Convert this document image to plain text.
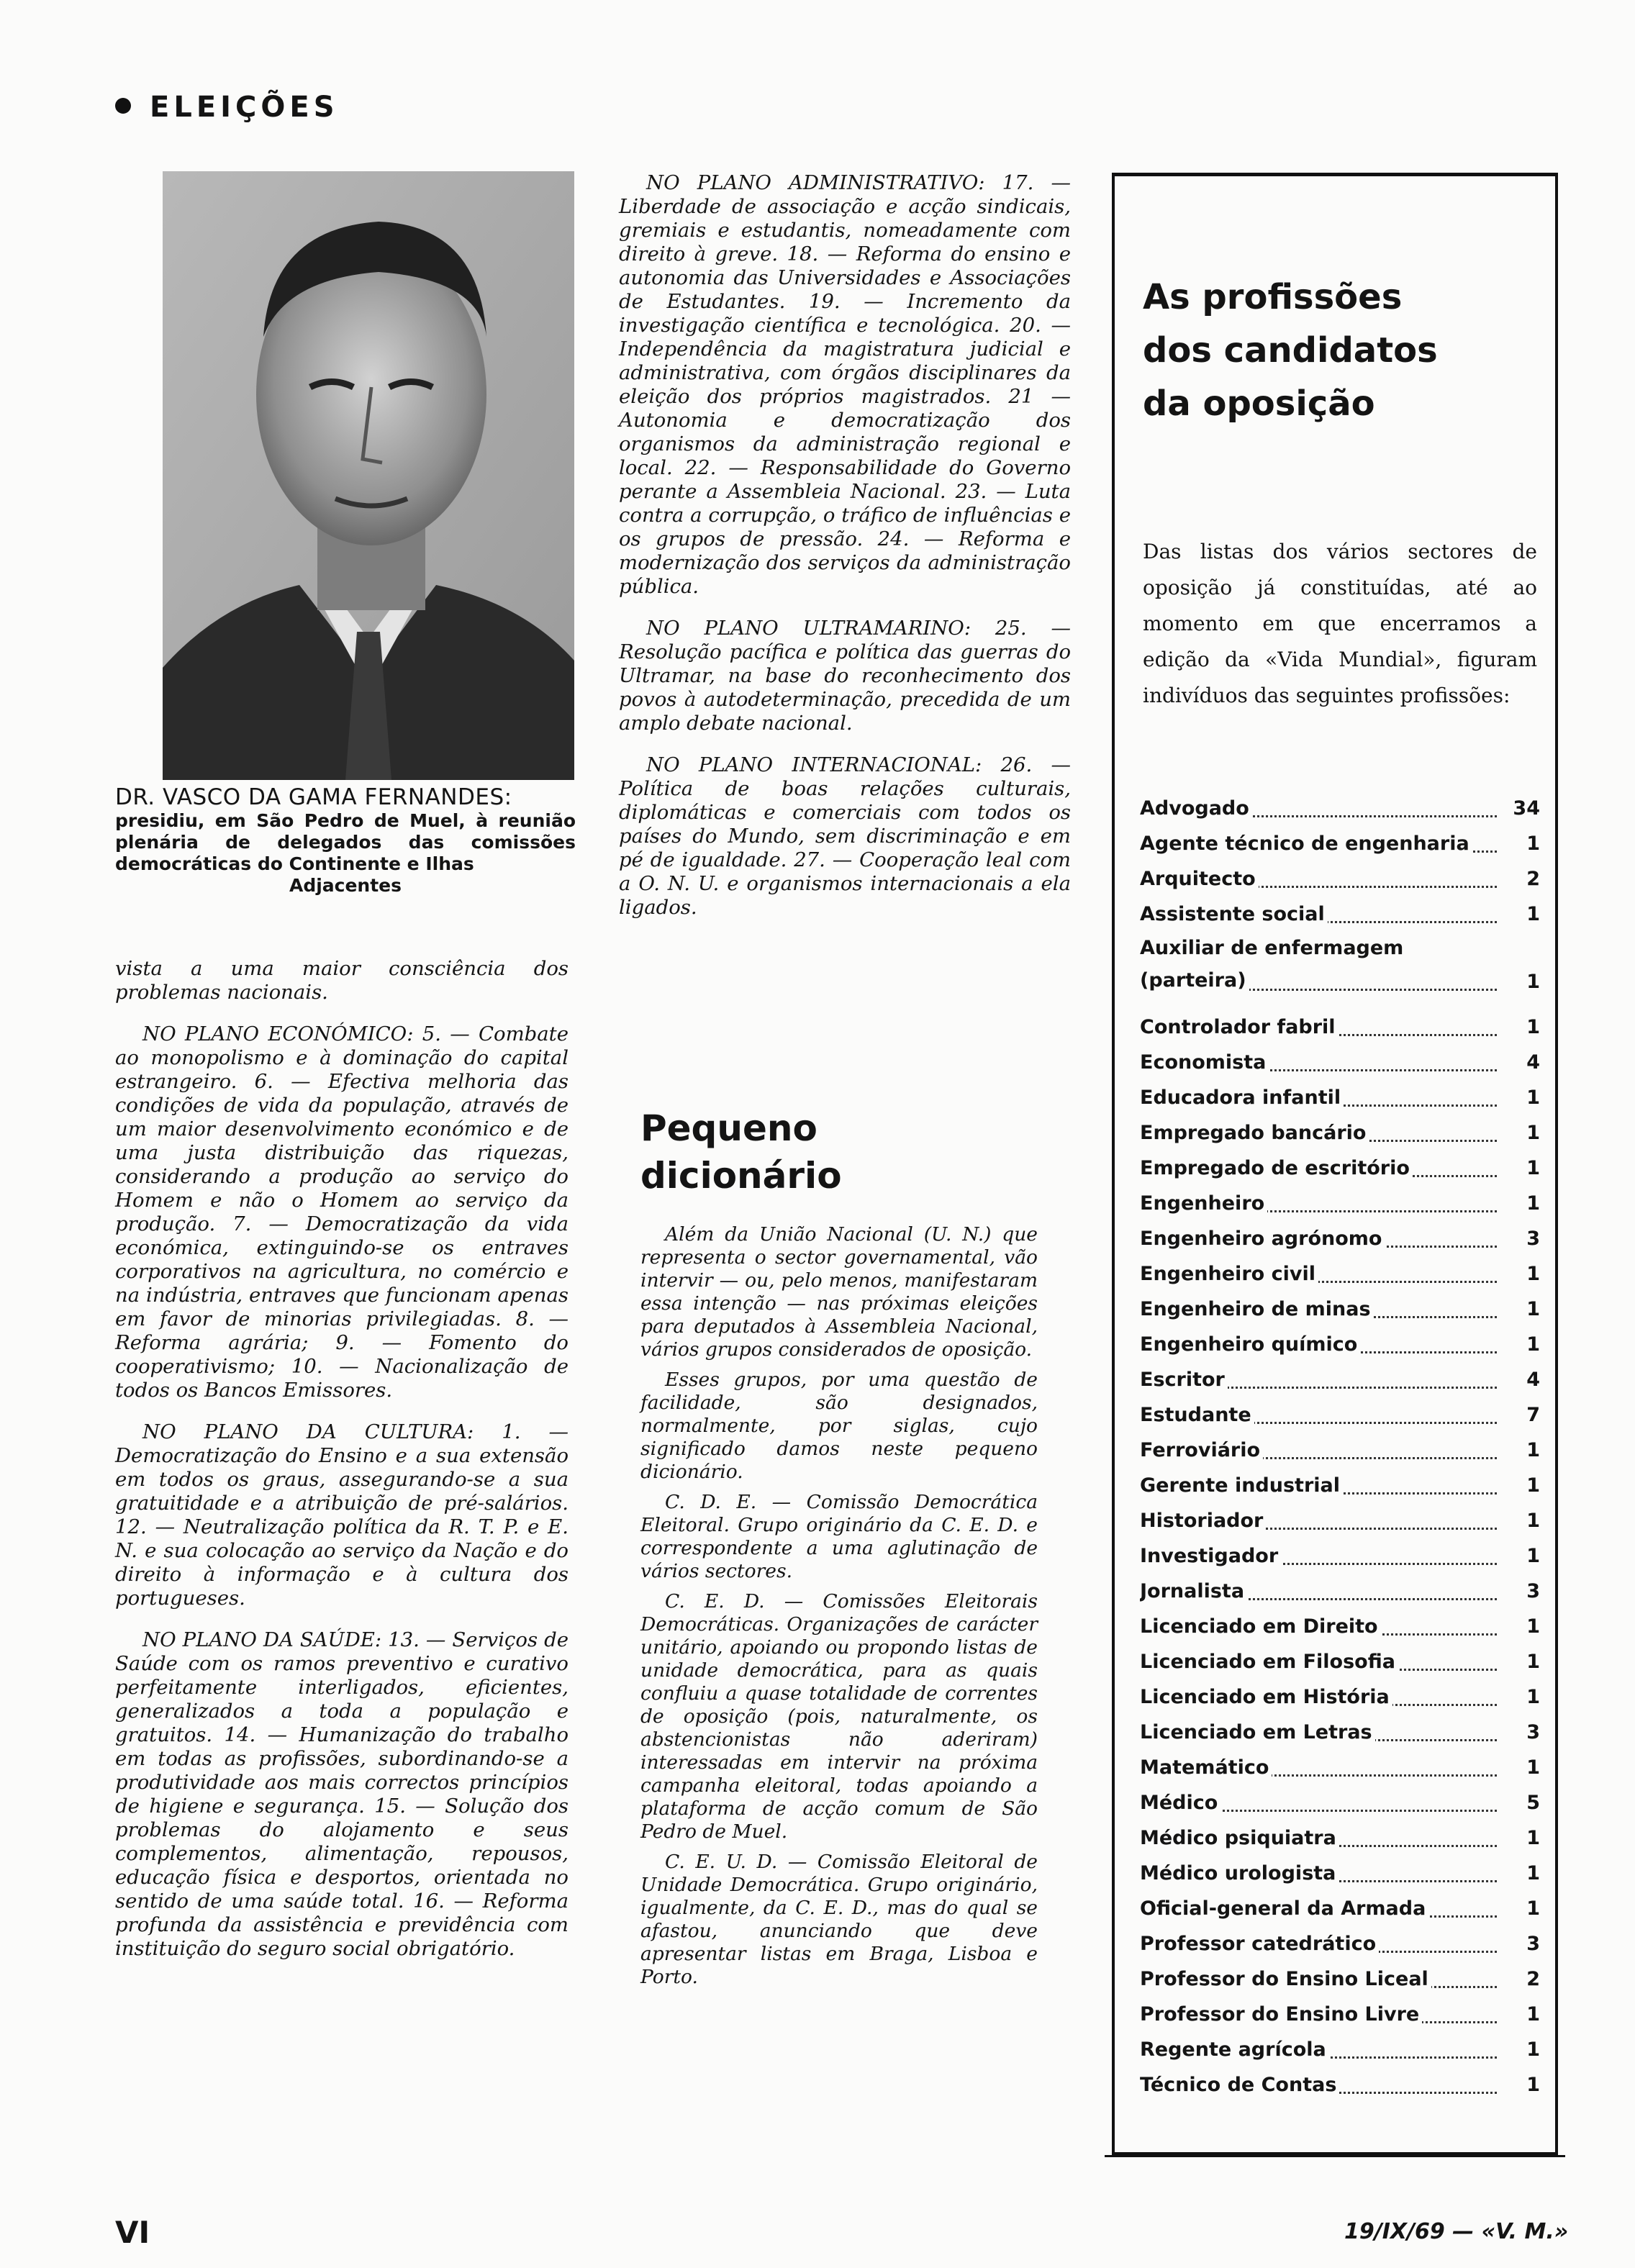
ELEIÇÕES
DR. VASCO DA GAMA FERNANDES:
presidiu, em São Pedro de Muel, à reunião plenária de delegados das comissões democráticas do Continente e Ilhas
Adjacentes

vista a uma maior consciência dos problemas nacionais.

NO PLANO ECONÓMICO: 5. — Combate ao monopolismo e à dominação do capital estrangeiro. 6. — Efectiva melhoria das condições de vida da população, através de um maior desenvolvimento económico e de uma justa distribuição das riquezas, considerando a produção ao serviço do Homem e não o Homem ao serviço da produção. 7. — Democratização da vida económica, extinguindo-se os entraves corporativos na agricultura, no comércio e na indústria, entraves que funcionam apenas em favor de minorias privilegiadas. 8. — Reforma agrária; 9. — Fomento do cooperativismo; 10. — Nacionalização de todos os Bancos Emissores.

NO PLANO DA CULTURA: 1. — Democratização do Ensino e a sua extensão em todos os graus, assegurando-se a sua gratuitidade e a atribuição de pré-salários. 12. — Neutralização política da R. T. P. e E. N. e sua colocação ao serviço da Nação e do direito à informação e à cultura dos portugueses.

NO PLANO DA SAÚDE: 13. — Serviços de Saúde com os ramos preventivo e curativo perfeitamente interligados, eficientes, generalizados a toda a população e gratuitos. 14. — Humanização do trabalho em todas as profissões, subordinando-se a produtividade aos mais correctos princípios de higiene e segurança. 15. — Solução dos problemas do alojamento e seus complementos, alimentação, repousos, educação física e desportos, orientada no sentido de uma saúde total. 16. — Reforma profunda da assistência e previdência com instituição do seguro social obrigatório.

NO PLANO ADMINISTRATIVO: 17. — Liberdade de associação e acção sindicais, gremiais e estudantis, nomeadamente com direito à greve. 18. — Reforma do ensino e autonomia das Universidades e Associações de Estudantes. 19. — Incremento da investigação científica e tecnológica. 20. — Independência da magistratura judicial e administrativa, com órgãos disciplinares da eleição dos próprios magistrados. 21 — Autonomia e democratização dos organismos da administração regional e local. 22. — Responsabilidade do Governo perante a Assembleia Nacional. 23. — Luta contra a corrupção, o tráfico de influências e os grupos de pressão. 24. — Reforma e modernização dos serviços da administração pública.

NO PLANO ULTRAMARINO: 25. — Resolução pacífica e política das guerras do Ultramar, na base do reconhecimento dos povos à autodeterminação, precedida de um amplo debate nacional.

NO PLANO INTERNACIONAL: 26. — Política de boas relações culturais, diplomáticas e comerciais com todos os países do Mundo, sem discriminação e em pé de igualdade. 27. — Cooperação leal com a O. N. U. e organismos internacionais a ela ligados.

Pequeno
dicionário

Além da União Nacional (U. N.) que representa o sector governamental, vão intervir — ou, pelo menos, manifestaram essa intenção — nas próximas eleições para deputados à Assembleia Nacional, vários grupos considerados de oposição.

Esses grupos, por uma questão de facilidade, são designados, normalmente, por siglas, cujo significado damos neste pequeno dicionário.

C. D. E. — Comissão Democrática Eleitoral. Grupo originário da C. E. D. e correspondente a uma aglutinação de vários sectores.

C. E. D. — Comissões Eleitorais Democráticas. Organizações de carácter unitário, apoiando ou propondo listas de unidade democrática, para as quais confluiu a quase totalidade de correntes de oposição (pois, naturalmente, os abstencionistas não aderiram) interessadas em intervir na próxima campanha eleitoral, todas apoiando a plataforma de acção comum de São Pedro de Muel.

C. E. U. D. — Comissão Eleitoral de Unidade Democrática. Grupo originário, igualmente, da C. E. D., mas do qual se afastou, anunciando que deve apresentar listas em Braga, Lisboa e Porto.

As profissões
dos candidatos
da oposição
Das listas dos vários sectores de oposição já constituídas, até ao momento em que encerramos a edição da «Vida Mundial», figuram indivíduos das seguintes profissões:
Advogado	34
Agente técnico de engenharia	1
Arquitecto	2
Assistente social	1
Auxiliar de enfermagem (parteira)	1
Controlador fabril	1
Economista	4
Educadora infantil	1
Empregado bancário	1
Empregado de escritório	1
Engenheiro	1
Engenheiro agrónomo	3
Engenheiro civil	1
Engenheiro de minas	1
Engenheiro químico	1
Escritor	4
Estudante	7
Ferroviário	1
Gerente industrial	1
Historiador	1
Investigador	1
Jornalista	3
Licenciado em Direito	1
Licenciado em Filosofia	1
Licenciado em História	1
Licenciado em Letras	3
Matemático	1
Médico	5
Médico psiquiatra	1
Médico urologista	1
Oficial-general da Armada	1
Professor catedrático	3
Professor do Ensino Liceal	2
Professor do Ensino Livre	1
Regente agrícola	1
Técnico de Contas	1
VI	19/IX/69 — «V. M.»
